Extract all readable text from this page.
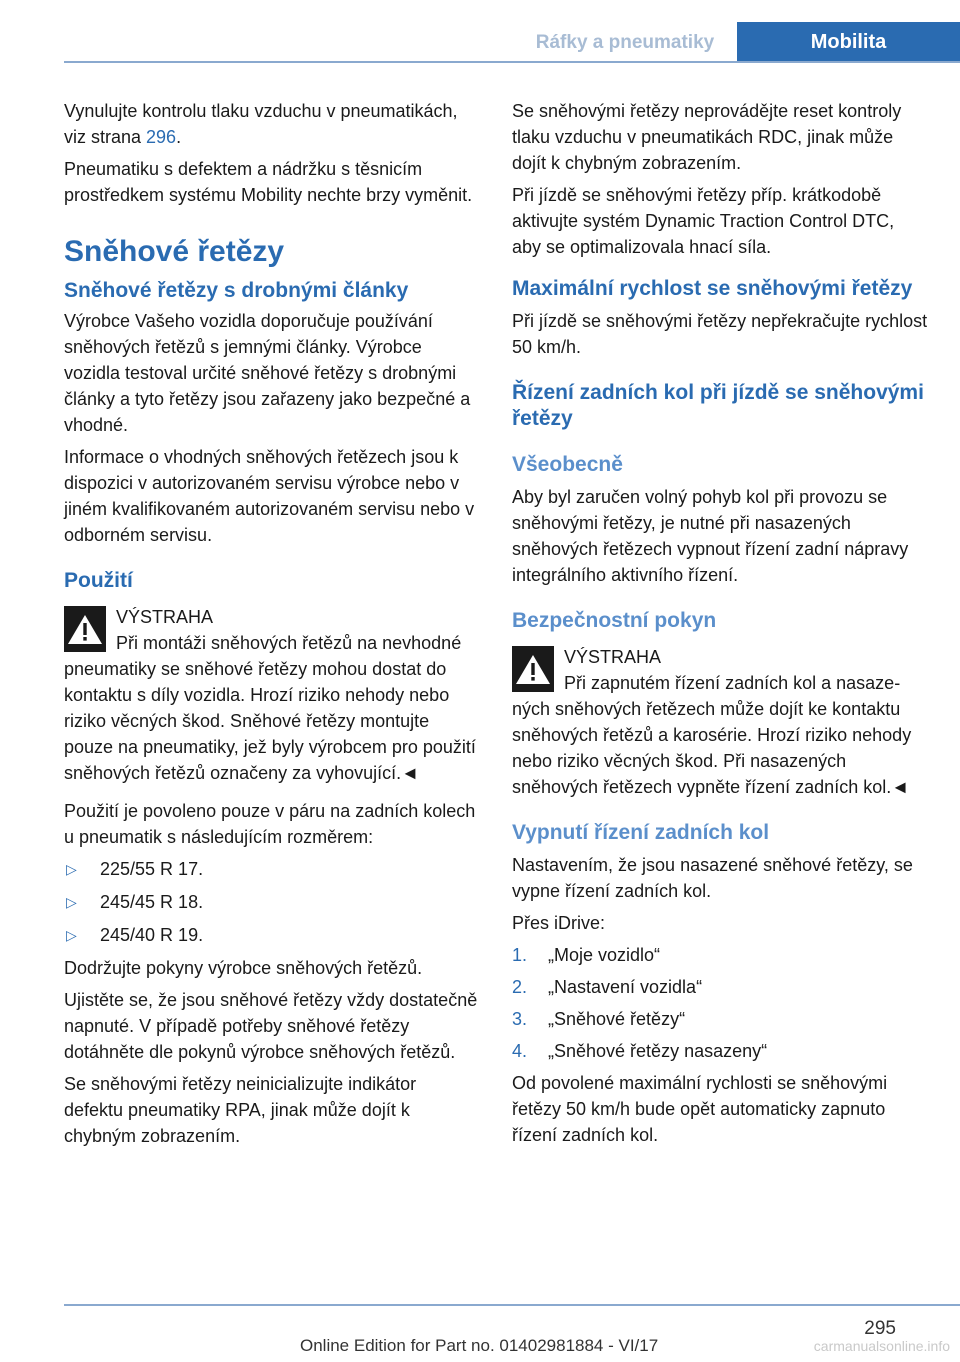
Ráfky a pneumatiky	Mobilita

Vynulujte kontrolu tlaku vzduchu v pneumatikách, viz strana 296.

Pneumatiku s defektem a nádržku s těsnicím prostředkem systému Mobility nechte brzy vyměnit.

Sněhové řetězy
Sněhové řetězy s drobnými články

Výrobce Vašeho vozidla doporučuje používání sněhových řetězů s jemnými články. Výrobce vozidla testoval určité sněhové řetězy s drobnými články a tyto řetězy jsou zařazeny jako bezpečné a vhodné.

Informace o vhodných sněhových řetězech jsou k dispozici v autorizovaném servisu výrobce nebo v jiném kvalifikovaném autorizovaném servisu nebo v odborném servisu.

Použití
VÝSTRAHA
Při montáži sněhových řetězů na nevhodné pneumatiky se sněhové řetězy mohou dostat do kontaktu s díly vozidla. Hrozí riziko nehody nebo riziko věcných škod. Sněhové řetězy montujte pouze na pneumatiky, jež byly výrobcem pro použití sněhových řetězů označeny za vyhovující.◄

Použití je povoleno pouze v páru na zadních kolech u pneumatik s následujícím rozměrem:

▷ 225/55 R 17.
▷ 245/45 R 18.
▷ 245/40 R 19.

Dodržujte pokyny výrobce sněhových řetězů.

Ujistěte se, že jsou sněhové řetězy vždy dostatečně napnuté. V případě potřeby sněhové řetězy dotáhněte dle pokynů výrobce sněhových řetězů.

Se sněhovými řetězy neinicializujte indikátor defektu pneumatiky RPA, jinak může dojít k chybným zobrazením.

Se sněhovými řetězy neprovádějte reset kontroly tlaku vzduchu v pneumatikách RDC, jinak může dojít k chybným zobrazením.

Při jízdě se sněhovými řetězy příp. krátkodobě aktivujte systém Dynamic Traction Control DTC, aby se optimalizovala hnací síla.

Maximální rychlost se sněhovými řetězy

Při jízdě se sněhovými řetězy nepřekračujte rychlost 50 km/h.

Řízení zadních kol při jízdě se sněhovými řetězy
Všeobecně

Aby byl zaručen volný pohyb kol při provozu se sněhovými řetězy, je nutné při nasazených sněhových řetězech vypnout řízení zadní nápravy integrálního aktivního řízení.

Bezpečnostní pokyn
VÝSTRAHA
Při zapnutém řízení zadních kol a nasazených sněhových řetězech může dojít ke kontaktu sněhových řetězů a karosérie. Hrozí riziko nehody nebo riziko věcných škod. Při nasazených sněhových řetězech vypněte řízení zadních kol.◄
Vypnutí řízení zadních kol

Nastavením, že jsou nasazené sněhové řetězy, se vypne řízení zadních kol.

Přes iDrive:

1. „Moje vozidlo“
2. „Nastavení vozidla“
3. „Sněhové řetězy“
4. „Sněhové řetězy nasazeny“

Od povolené maximální rychlosti se sněhovými řetězy 50 km/h bude opět automaticky zapnuto řízení zadních kol.

295
Online Edition for Part no. 01402981884 - VI/17	carmanualsonline.info
